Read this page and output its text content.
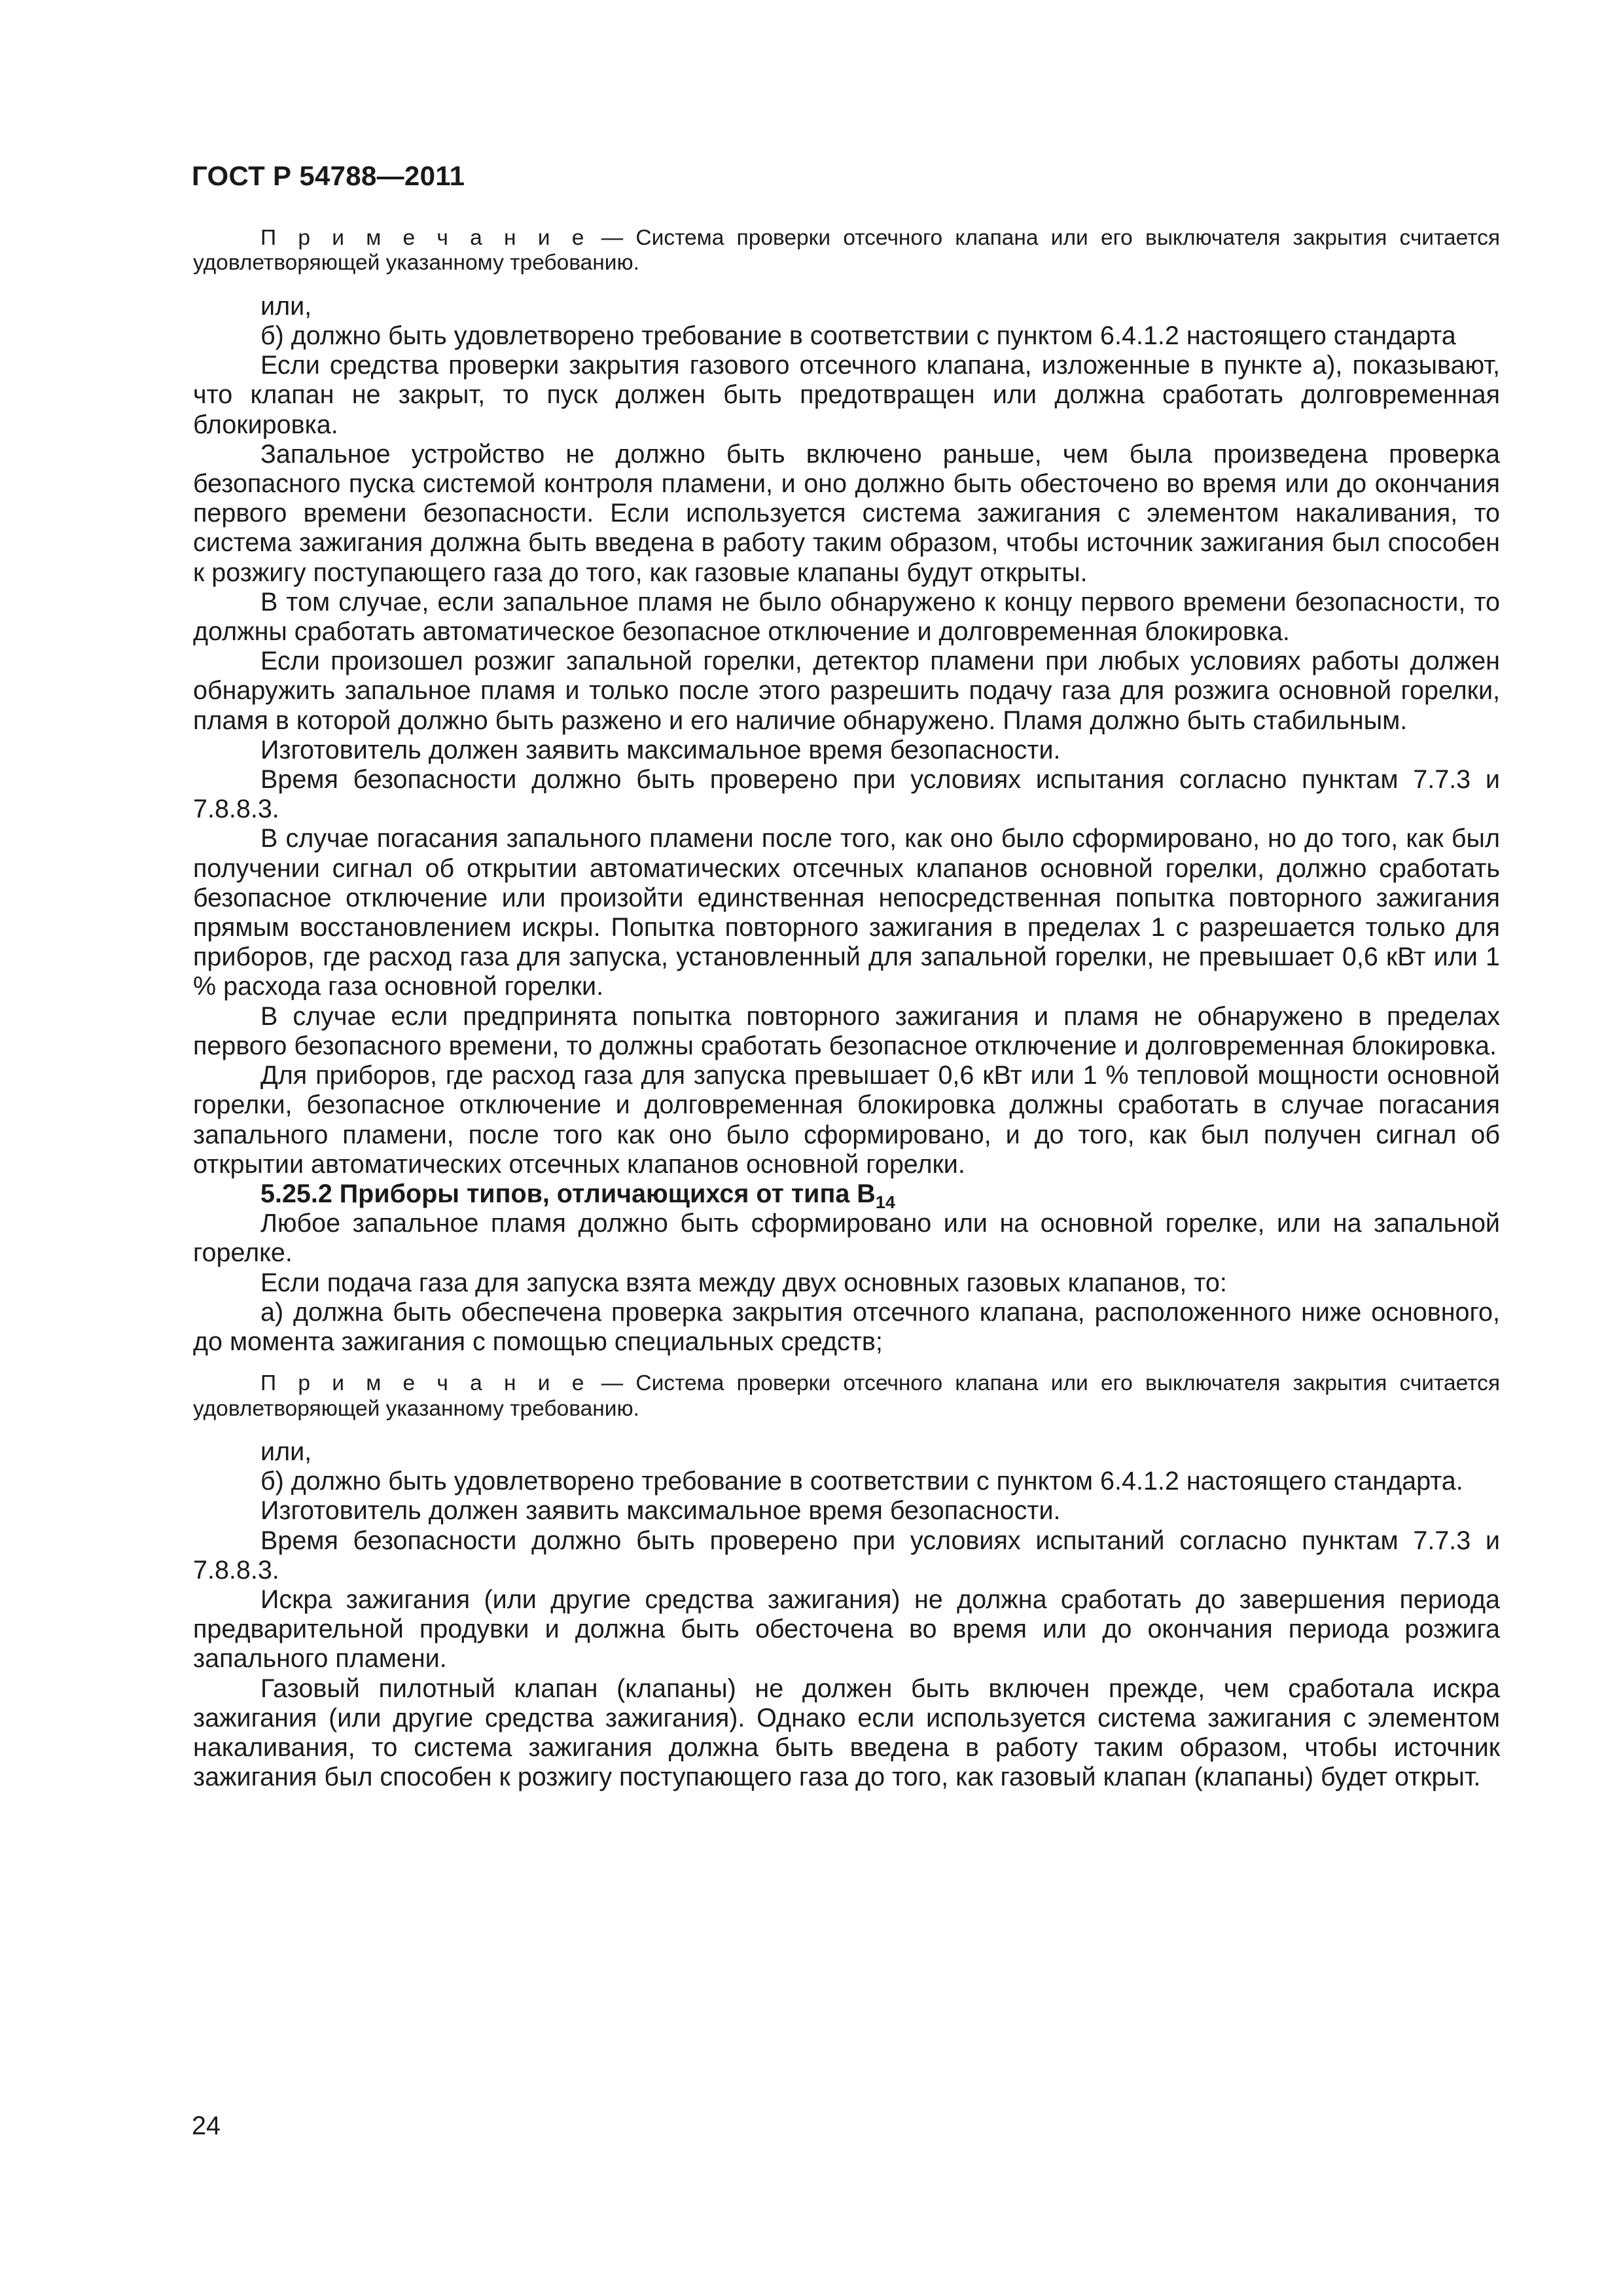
ГОСТ Р 54788—2011

П р и м е ч а н и е — Система проверки отсечного клапана или его выключателя закрытия считается удовлетворяющей указанному требованию.

или,

б) должно быть удовлетворено требование в соответствии с пунктом 6.4.1.2 настоящего стандарта

Если средства проверки закрытия газового отсечного клапана, изложенные в пункте а), показывают, что клапан не закрыт, то пуск должен быть предотвращен или должна сработать долговременная блокировка.

Запальное устройство не должно быть включено раньше, чем была произведена проверка безопасного пуска системой контроля пламени, и оно должно быть обесточено во время или до окончания первого времени безопасности. Если используется система зажигания с элементом накаливания, то система зажигания должна быть введена в работу таким образом, чтобы источник зажигания был способен к розжигу поступающего газа до того, как газовые клапаны будут открыты.

В том случае, если запальное пламя не было обнаружено к концу первого времени безопасности, то должны сработать автоматическое безопасное отключение и долговременная блокировка.

Если произошел розжиг запальной горелки, детектор пламени при любых условиях работы должен обнаружить запальное пламя и только после этого разрешить подачу газа для розжига основной горелки, пламя в которой должно быть разжено и его наличие обнаружено. Пламя должно быть стабильным.

Изготовитель должен заявить максимальное время безопасности.

Время безопасности должно быть проверено при условиях испытания согласно пунктам 7.7.3 и 7.8.8.3.

В случае погасания запального пламени после того, как оно было сформировано, но до того, как был получении сигнал об открытии автоматических отсечных клапанов основной горелки, должно сработать безопасное отключение или произойти единственная непосредственная попытка повторного зажигания прямым восстановлением искры. Попытка повторного зажигания в пределах 1 с разрешается только для приборов, где расход газа для запуска, установленный для запальной горелки, не превышает 0,6 кВт или 1 % расхода газа основной горелки.

В случае если предпринята попытка повторного зажигания и пламя не обнаружено в пределах первого безопасного времени, то должны сработать безопасное отключение и долговременная блокировка.

Для приборов, где расход газа для запуска превышает 0,6 кВт или 1 % тепловой мощности основной горелки, безопасное отключение и долговременная блокировка должны сработать в случае погасания запального пламени, после того как оно было сформировано, и до того, как был получен сигнал об открытии автоматических отсечных клапанов основной горелки.

5.25.2 Приборы типов, отличающихся от типа $В_{14}$

Любое запальное пламя должно быть сформировано или на основной горелке, или на запальной горелке.

Если подача газа для запуска взята между двух основных газовых клапанов, то:

а) должна быть обеспечена проверка закрытия отсечного клапана, расположенного ниже основного, до момента зажигания с помощью специальных средств;

П р и м е ч а н и е — Система проверки отсечного клапана или его выключателя закрытия считается удовлетворяющей указанному требованию.

или,

б) должно быть удовлетворено требование в соответствии с пунктом 6.4.1.2 настоящего стандарта.

Изготовитель должен заявить максимальное время безопасности.

Время безопасности должно быть проверено при условиях испытаний согласно пунктам 7.7.3 и 7.8.8.3.

Искра зажигания (или другие средства зажигания) не должна сработать до завершения периода предварительной продувки и должна быть обесточена во время или до окончания периода розжига запального пламени.

Газовый пилотный клапан (клапаны) не должен быть включен прежде, чем сработала искра зажигания (или другие средства зажигания). Однако если используется система зажигания с элементом накаливания, то система зажигания должна быть введена в работу таким образом, чтобы источник зажигания был способен к розжигу поступающего газа до того, как газовый клапан (клапаны) будет открыт.

24
